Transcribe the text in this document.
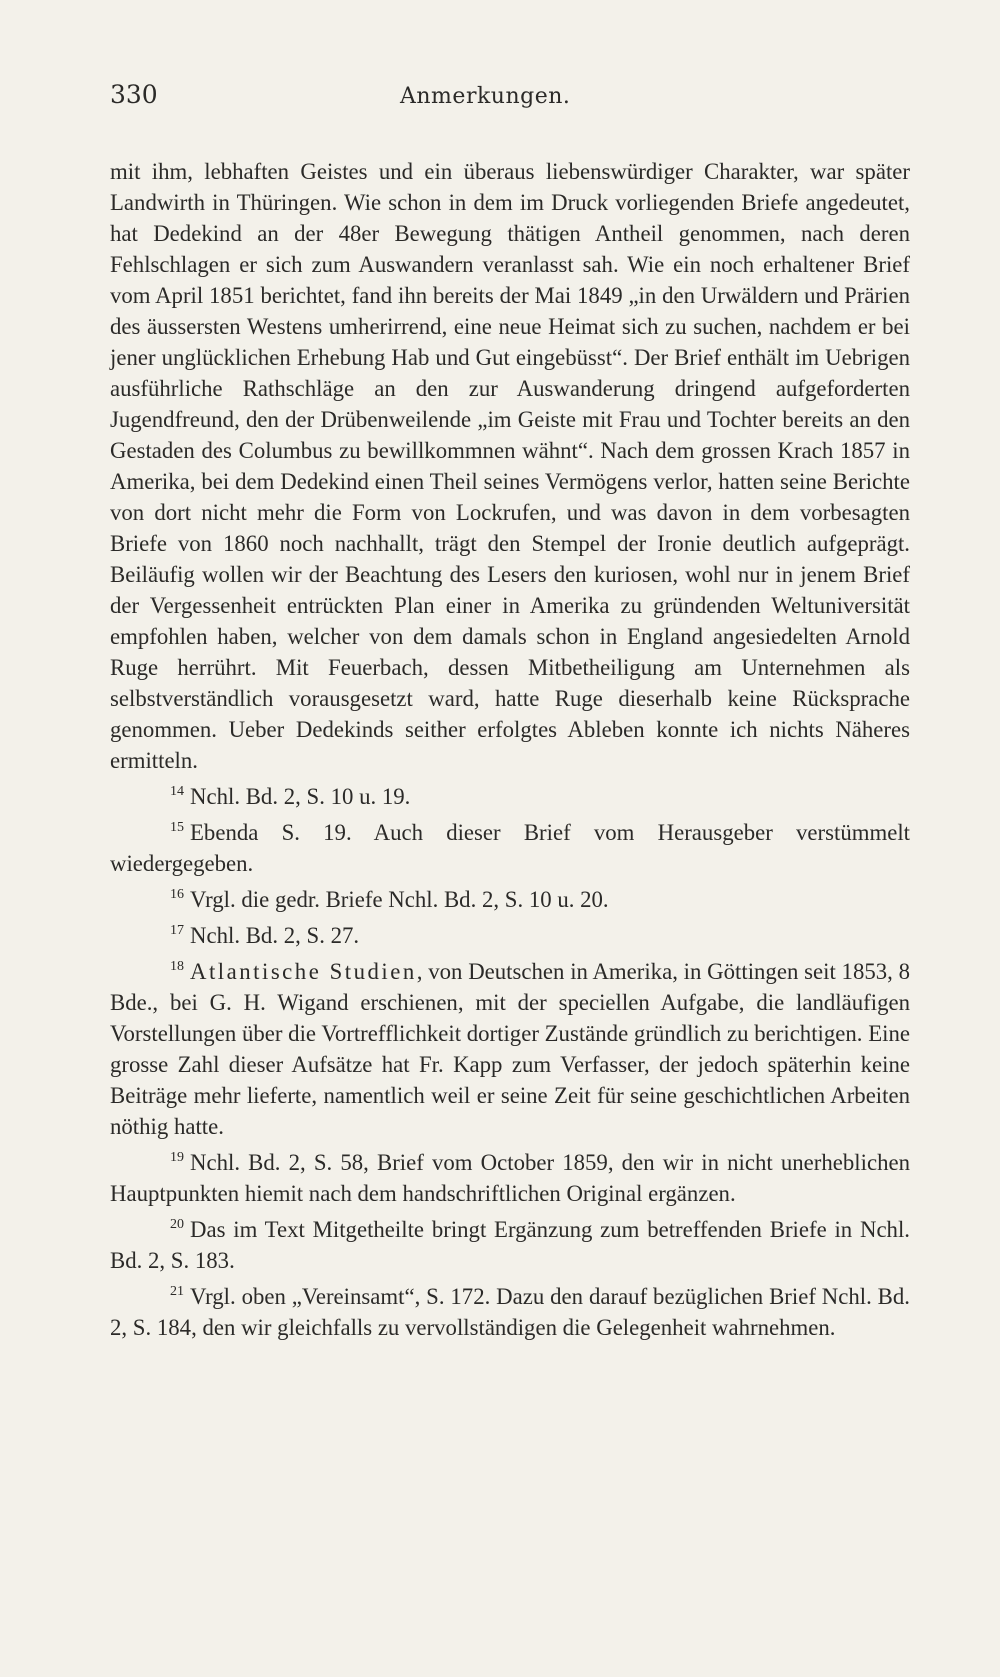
330	Anmerkungen.

mit ihm, lebhaften Geistes und ein überaus liebenswürdiger Charakter, war später Landwirth in Thüringen. Wie schon in dem im Druck vorliegenden Briefe angedeutet, hat Dedekind an der 48er Bewegung thätigen Antheil genommen, nach deren Fehlschlagen er sich zum Auswandern veranlasst sah. Wie ein noch erhaltener Brief vom April 1851 berichtet, fand ihn bereits der Mai 1849 „in den Urwäldern und Prärien des äussersten Westens umherirrend, eine neue Heimat sich zu suchen, nachdem er bei jener unglücklichen Erhebung Hab und Gut eingebüsst“. Der Brief enthält im Uebrigen ausführliche Rathschläge an den zur Auswanderung dringend aufgeforderten Jugendfreund, den der Drübenweilende „im Geiste mit Frau und Tochter bereits an den Gestaden des Columbus zu bewillkommnen wähnt“. Nach dem grossen Krach 1857 in Amerika, bei dem Dedekind einen Theil seines Vermögens verlor, hatten seine Berichte von dort nicht mehr die Form von Lockrufen, und was davon in dem vorbesagten Briefe von 1860 noch nachhallt, trägt den Stempel der Ironie deutlich aufgeprägt. Beiläufig wollen wir der Beachtung des Lesers den kuriosen, wohl nur in jenem Brief der Vergessenheit entrückten Plan einer in Amerika zu gründenden Weltuniversität empfohlen haben, welcher von dem damals schon in England angesiedelten Arnold Ruge herrührt. Mit Feuerbach, dessen Mitbetheiligung am Unternehmen als selbstverständlich vorausgesetzt ward, hatte Ruge dieserhalb keine Rücksprache genommen. Ueber Dedekinds seither erfolgtes Ableben konnte ich nichts Näheres ermitteln.

$^{14}$ Nchl. Bd. 2, S. 10 u. 19.

$^{15}$ Ebenda S. 19. Auch dieser Brief vom Herausgeber verstümmelt wiedergegeben.

$^{16}$ Vrgl. die gedr. Briefe Nchl. Bd. 2, S. 10 u. 20.

$^{17}$ Nchl. Bd. 2, S. 27.

$^{18}$ Atlantische Studien, von Deutschen in Amerika, in Göttingen seit 1853, 8 Bde., bei G. H. Wigand erschienen, mit der speciellen Aufgabe, die landläufigen Vorstellungen über die Vortrefflichkeit dortiger Zustände gründlich zu berichtigen. Eine grosse Zahl dieser Aufsätze hat Fr. Kapp zum Verfasser, der jedoch späterhin keine Beiträge mehr lieferte, namentlich weil er seine Zeit für seine geschichtlichen Arbeiten nöthig hatte.

$^{19}$ Nchl. Bd. 2, S. 58, Brief vom October 1859, den wir in nicht unerheblichen Hauptpunkten hiemit nach dem handschriftlichen Original ergänzen.

$^{20}$ Das im Text Mitgetheilte bringt Ergänzung zum betreffenden Briefe in Nchl. Bd. 2, S. 183.

$^{21}$ Vrgl. oben „Vereinsamt“, S. 172. Dazu den darauf bezüglichen Brief Nchl. Bd. 2, S. 184, den wir gleichfalls zu vervollständigen die Gelegenheit wahrnehmen.
